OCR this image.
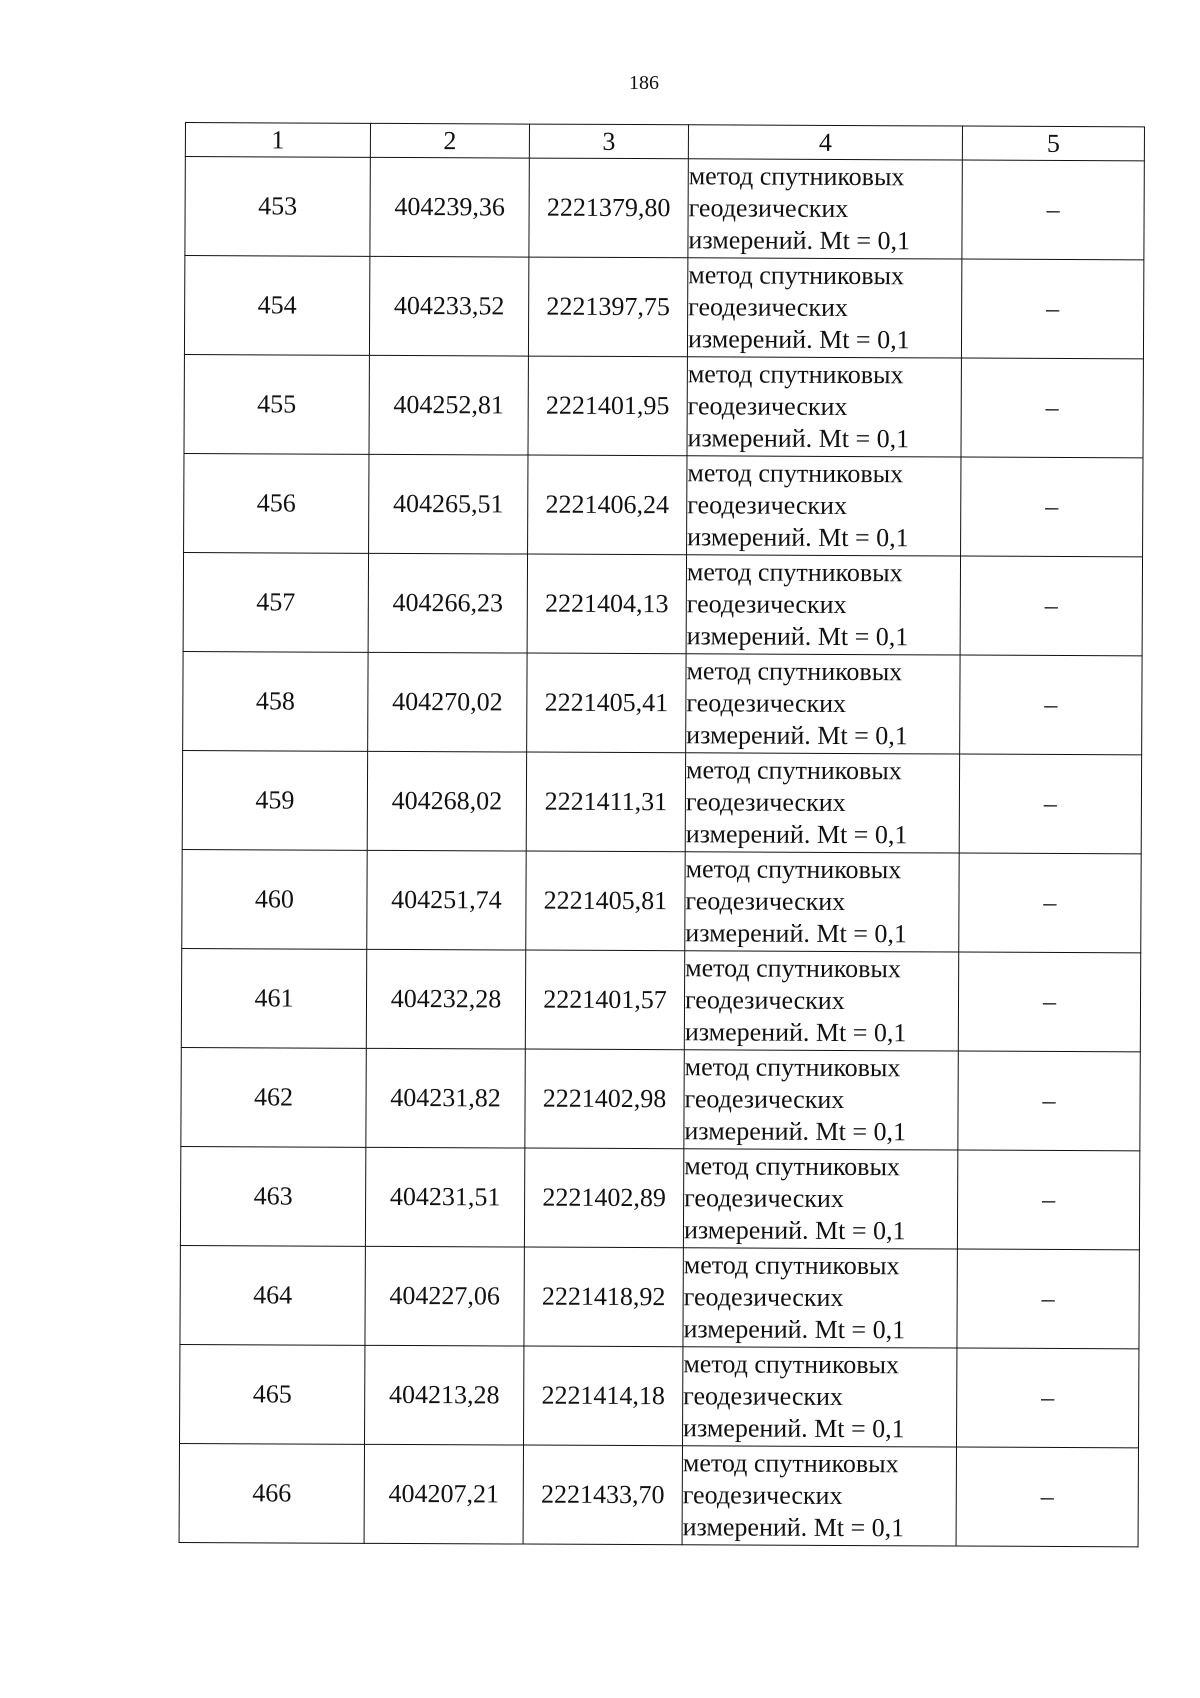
186
1	2	3	4	5
453	404239,36	2221379,80	метод спутниковых
геодезических
измерений. Mt = 0,1	–
454	404233,52	2221397,75	метод спутниковых
геодезических
измерений. Mt = 0,1	–
455	404252,81	2221401,95	метод спутниковых
геодезических
измерений. Mt = 0,1	–
456	404265,51	2221406,24	метод спутниковых
геодезических
измерений. Mt = 0,1	–
457	404266,23	2221404,13	метод спутниковых
геодезических
измерений. Mt = 0,1	–
458	404270,02	2221405,41	метод спутниковых
геодезических
измерений. Mt = 0,1	–
459	404268,02	2221411,31	метод спутниковых
геодезических
измерений. Mt = 0,1	–
460	404251,74	2221405,81	метод спутниковых
геодезических
измерений. Mt = 0,1	–
461	404232,28	2221401,57	метод спутниковых
геодезических
измерений. Mt = 0,1	–
462	404231,82	2221402,98	метод спутниковых
геодезических
измерений. Mt = 0,1	–
463	404231,51	2221402,89	метод спутниковых
геодезических
измерений. Mt = 0,1	–
464	404227,06	2221418,92	метод спутниковых
геодезических
измерений. Mt = 0,1	–
465	404213,28	2221414,18	метод спутниковых
геодезических
измерений. Mt = 0,1	–
466	404207,21	2221433,70	метод спутниковых
геодезических
измерений. Mt = 0,1	–
